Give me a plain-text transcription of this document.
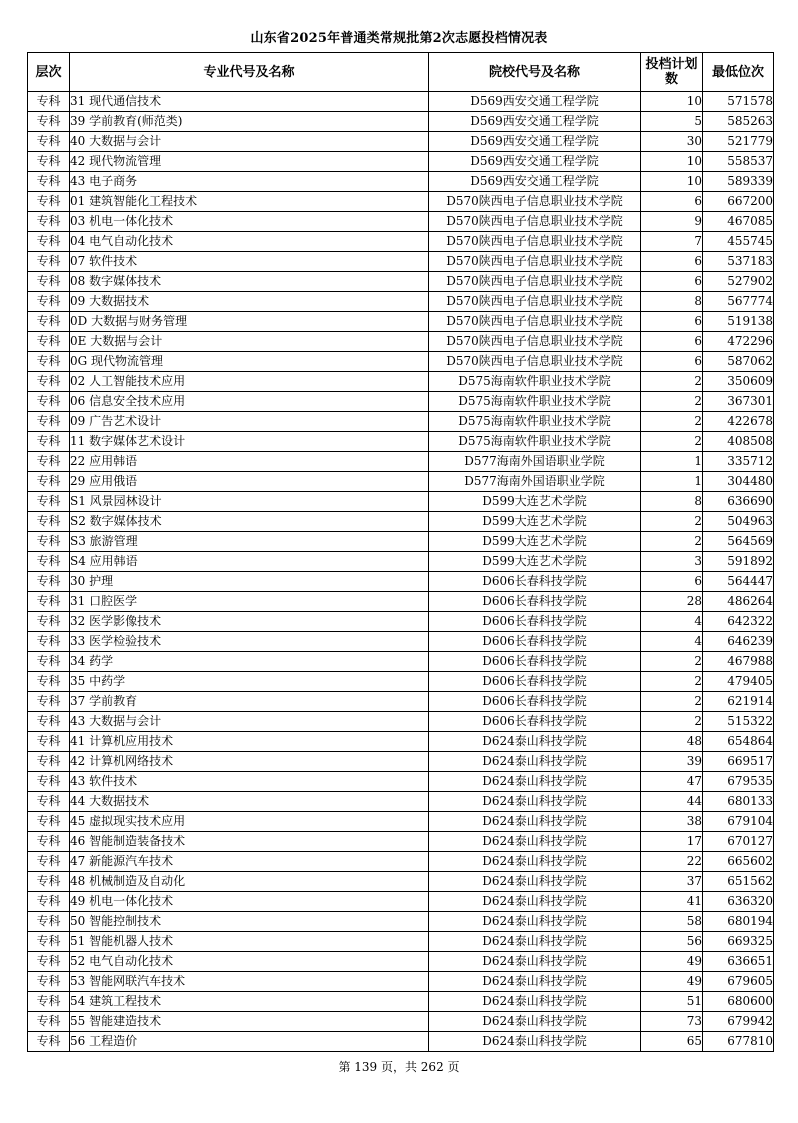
山东省2025年普通类常规批第2次志愿投档情况表
层次	专业代号及名称	院校代号及名称	投档计划数	最低位次
专科	31 现代通信技术	D569西安交通工程学院	10	571578
专科	39 学前教育(师范类)	D569西安交通工程学院	5	585263
专科	40 大数据与会计	D569西安交通工程学院	30	521779
专科	42 现代物流管理	D569西安交通工程学院	10	558537
专科	43 电子商务	D569西安交通工程学院	10	589339
专科	01 建筑智能化工程技术	D570陕西电子信息职业技术学院	6	667200
专科	03 机电一体化技术	D570陕西电子信息职业技术学院	9	467085
专科	04 电气自动化技术	D570陕西电子信息职业技术学院	7	455745
专科	07 软件技术	D570陕西电子信息职业技术学院	6	537183
专科	08 数字媒体技术	D570陕西电子信息职业技术学院	6	527902
专科	09 大数据技术	D570陕西电子信息职业技术学院	8	567774
专科	0D 大数据与财务管理	D570陕西电子信息职业技术学院	6	519138
专科	0E 大数据与会计	D570陕西电子信息职业技术学院	6	472296
专科	0G 现代物流管理	D570陕西电子信息职业技术学院	6	587062
专科	02 人工智能技术应用	D575海南软件职业技术学院	2	350609
专科	06 信息安全技术应用	D575海南软件职业技术学院	2	367301
专科	09 广告艺术设计	D575海南软件职业技术学院	2	422678
专科	11 数字媒体艺术设计	D575海南软件职业技术学院	2	408508
专科	22 应用韩语	D577海南外国语职业学院	1	335712
专科	29 应用俄语	D577海南外国语职业学院	1	304480
专科	S1 风景园林设计	D599大连艺术学院	8	636690
专科	S2 数字媒体技术	D599大连艺术学院	2	504963
专科	S3 旅游管理	D599大连艺术学院	2	564569
专科	S4 应用韩语	D599大连艺术学院	3	591892
专科	30 护理	D606长春科技学院	6	564447
专科	31 口腔医学	D606长春科技学院	28	486264
专科	32 医学影像技术	D606长春科技学院	4	642322
专科	33 医学检验技术	D606长春科技学院	4	646239
专科	34 药学	D606长春科技学院	2	467988
专科	35 中药学	D606长春科技学院	2	479405
专科	37 学前教育	D606长春科技学院	2	621914
专科	43 大数据与会计	D606长春科技学院	2	515322
专科	41 计算机应用技术	D624泰山科技学院	48	654864
专科	42 计算机网络技术	D624泰山科技学院	39	669517
专科	43 软件技术	D624泰山科技学院	47	679535
专科	44 大数据技术	D624泰山科技学院	44	680133
专科	45 虚拟现实技术应用	D624泰山科技学院	38	679104
专科	46 智能制造装备技术	D624泰山科技学院	17	670127
专科	47 新能源汽车技术	D624泰山科技学院	22	665602
专科	48 机械制造及自动化	D624泰山科技学院	37	651562
专科	49 机电一体化技术	D624泰山科技学院	41	636320
专科	50 智能控制技术	D624泰山科技学院	58	680194
专科	51 智能机器人技术	D624泰山科技学院	56	669325
专科	52 电气自动化技术	D624泰山科技学院	49	636651
专科	53 智能网联汽车技术	D624泰山科技学院	49	679605
专科	54 建筑工程技术	D624泰山科技学院	51	680600
专科	55 智能建造技术	D624泰山科技学院	73	679942
专科	56 工程造价	D624泰山科技学院	65	677810
第 139 页，共 262 页
